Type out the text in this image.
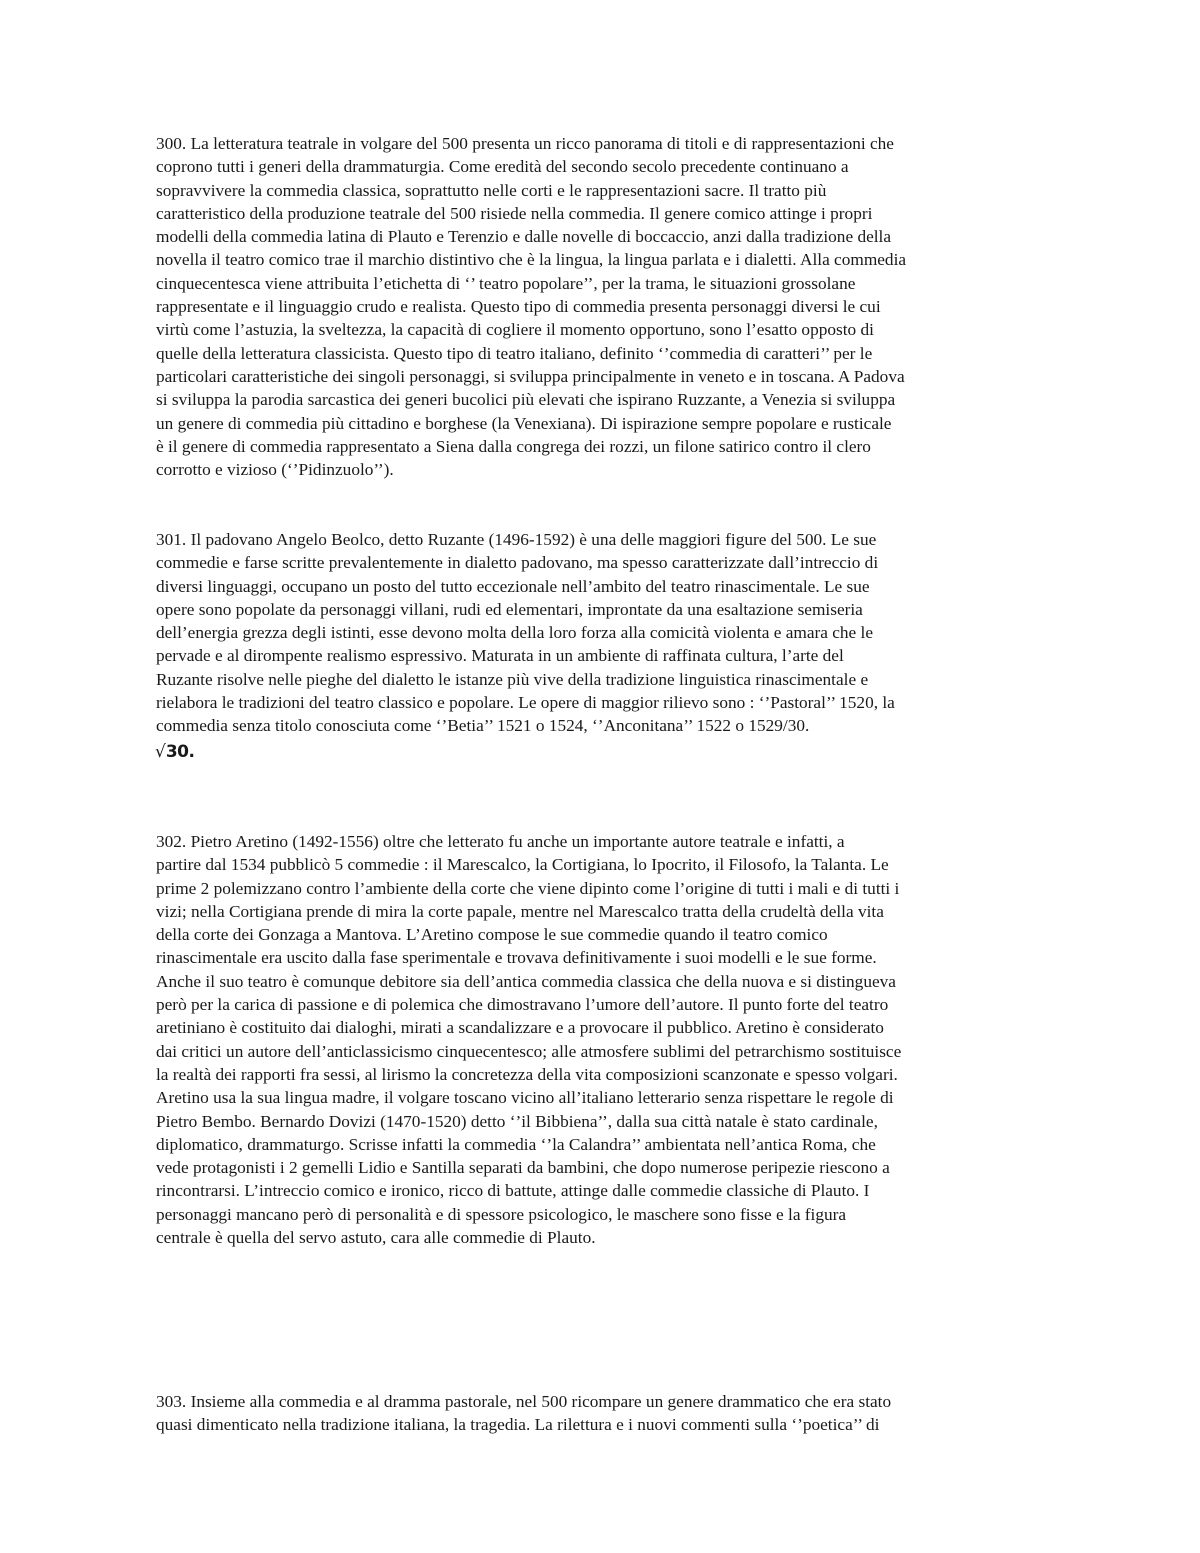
300. La letteratura teatrale in volgare del 500 presenta un ricco panorama di titoli e di rappresentazioni che
coprono tutti i generi della drammaturgia. Come eredità del secondo secolo precedente continuano a
sopravvivere la commedia classica, soprattutto nelle corti e le rappresentazioni sacre. Il tratto più
caratteristico della produzione teatrale del 500 risiede nella commedia. Il genere comico attinge i propri
modelli della commedia latina di Plauto e Terenzio e dalle novelle di boccaccio, anzi dalla tradizione della
novella il teatro comico trae il marchio distintivo che è la lingua, la lingua parlata e i dialetti. Alla commedia
cinquecentesca viene attribuita l’etichetta di ‘’ teatro popolare’’, per la trama, le situazioni grossolane
rappresentate e il linguaggio crudo e realista. Questo tipo di commedia presenta personaggi diversi le cui
virtù come l’astuzia, la sveltezza, la capacità di cogliere il momento opportuno, sono l’esatto opposto di
quelle della letteratura classicista. Questo tipo di teatro italiano, definito ‘’commedia di caratteri’’ per le
particolari caratteristiche dei singoli personaggi, si sviluppa principalmente in veneto e in toscana. A Padova
si sviluppa la parodia sarcastica dei generi bucolici più elevati che ispirano Ruzzante, a Venezia si sviluppa
un genere di commedia più cittadino e borghese (la Venexiana). Di ispirazione sempre popolare e rusticale
è il genere di commedia rappresentato a Siena dalla congrega dei rozzi, un filone satirico contro il clero
corrotto e vizioso (‘’Pidinzuolo’’).
301. Il padovano Angelo Beolco, detto Ruzante (1496-1592) è una delle maggiori figure del 500. Le sue
commedie e farse scritte prevalentemente in dialetto padovano, ma spesso caratterizzate dall’intreccio di
diversi linguaggi, occupano un posto del tutto eccezionale nell’ambito del teatro rinascimentale. Le sue
opere sono popolate da personaggi villani, rudi ed elementari, improntate da una esaltazione semiseria
dell’energia grezza degli istinti, esse devono molta della loro forza alla comicità violenta e amara che le
pervade e al dirompente realismo espressivo. Maturata in un ambiente di raffinata cultura, l’arte del
Ruzante risolve nelle pieghe del dialetto le istanze più vive della tradizione linguistica rinascimentale e
rielabora le tradizioni del teatro classico e popolare. Le opere di maggior rilievo sono : ‘’Pastoral’’ 1520, la
commedia senza titolo conosciuta come ‘’Betia’’ 1521 o 1524, ‘’Anconitana’’ 1522 o 1529/30.
√30.
302. Pietro Aretino (1492-1556) oltre che letterato fu anche un importante autore teatrale e infatti, a
partire dal 1534 pubblicò 5 commedie : il Marescalco, la Cortigiana, lo Ipocrito, il Filosofo, la Talanta. Le
prime 2 polemizzano contro l’ambiente della corte che viene dipinto come l’origine di tutti i mali e di tutti i
vizi; nella Cortigiana prende di mira la corte papale, mentre nel Marescalco tratta della crudeltà della vita
della corte dei Gonzaga a Mantova. L’Aretino compose le sue commedie quando il teatro comico
rinascimentale era uscito dalla fase sperimentale e trovava definitivamente i suoi modelli e le sue forme.
Anche il suo teatro è comunque debitore sia dell’antica commedia classica che della nuova e si distingueva
però per la carica di passione e di polemica che dimostravano l’umore dell’autore. Il punto forte del teatro
aretiniano è costituito dai dialoghi, mirati a scandalizzare e a provocare il pubblico. Aretino è considerato
dai critici un autore dell’anticlassicismo cinquecentesco; alle atmosfere sublimi del petrarchismo sostituisce
la realtà dei rapporti fra sessi, al lirismo la concretezza della vita composizioni scanzonate e spesso volgari.
Aretino usa la sua lingua madre, il volgare toscano vicino all’italiano letterario senza rispettare le regole di
Pietro Bembo. Bernardo Dovizi (1470-1520) detto ‘’il Bibbiena’’, dalla sua città natale è stato cardinale,
diplomatico, drammaturgo. Scrisse infatti la commedia ‘’la Calandra’’ ambientata nell’antica Roma, che
vede protagonisti i 2 gemelli Lidio e Santilla separati da bambini, che dopo numerose peripezie riescono a
rincontrarsi. L’intreccio comico e ironico, ricco di battute, attinge dalle commedie classiche di Plauto. I
personaggi mancano però di personalità e di spessore psicologico, le maschere sono fisse e la figura
centrale è quella del servo astuto, cara alle commedie di Plauto.
303. Insieme alla commedia e al dramma pastorale, nel 500 ricompare un genere drammatico che era stato
quasi dimenticato nella tradizione italiana, la tragedia. La rilettura e i nuovi commenti sulla ‘’poetica’’ di
